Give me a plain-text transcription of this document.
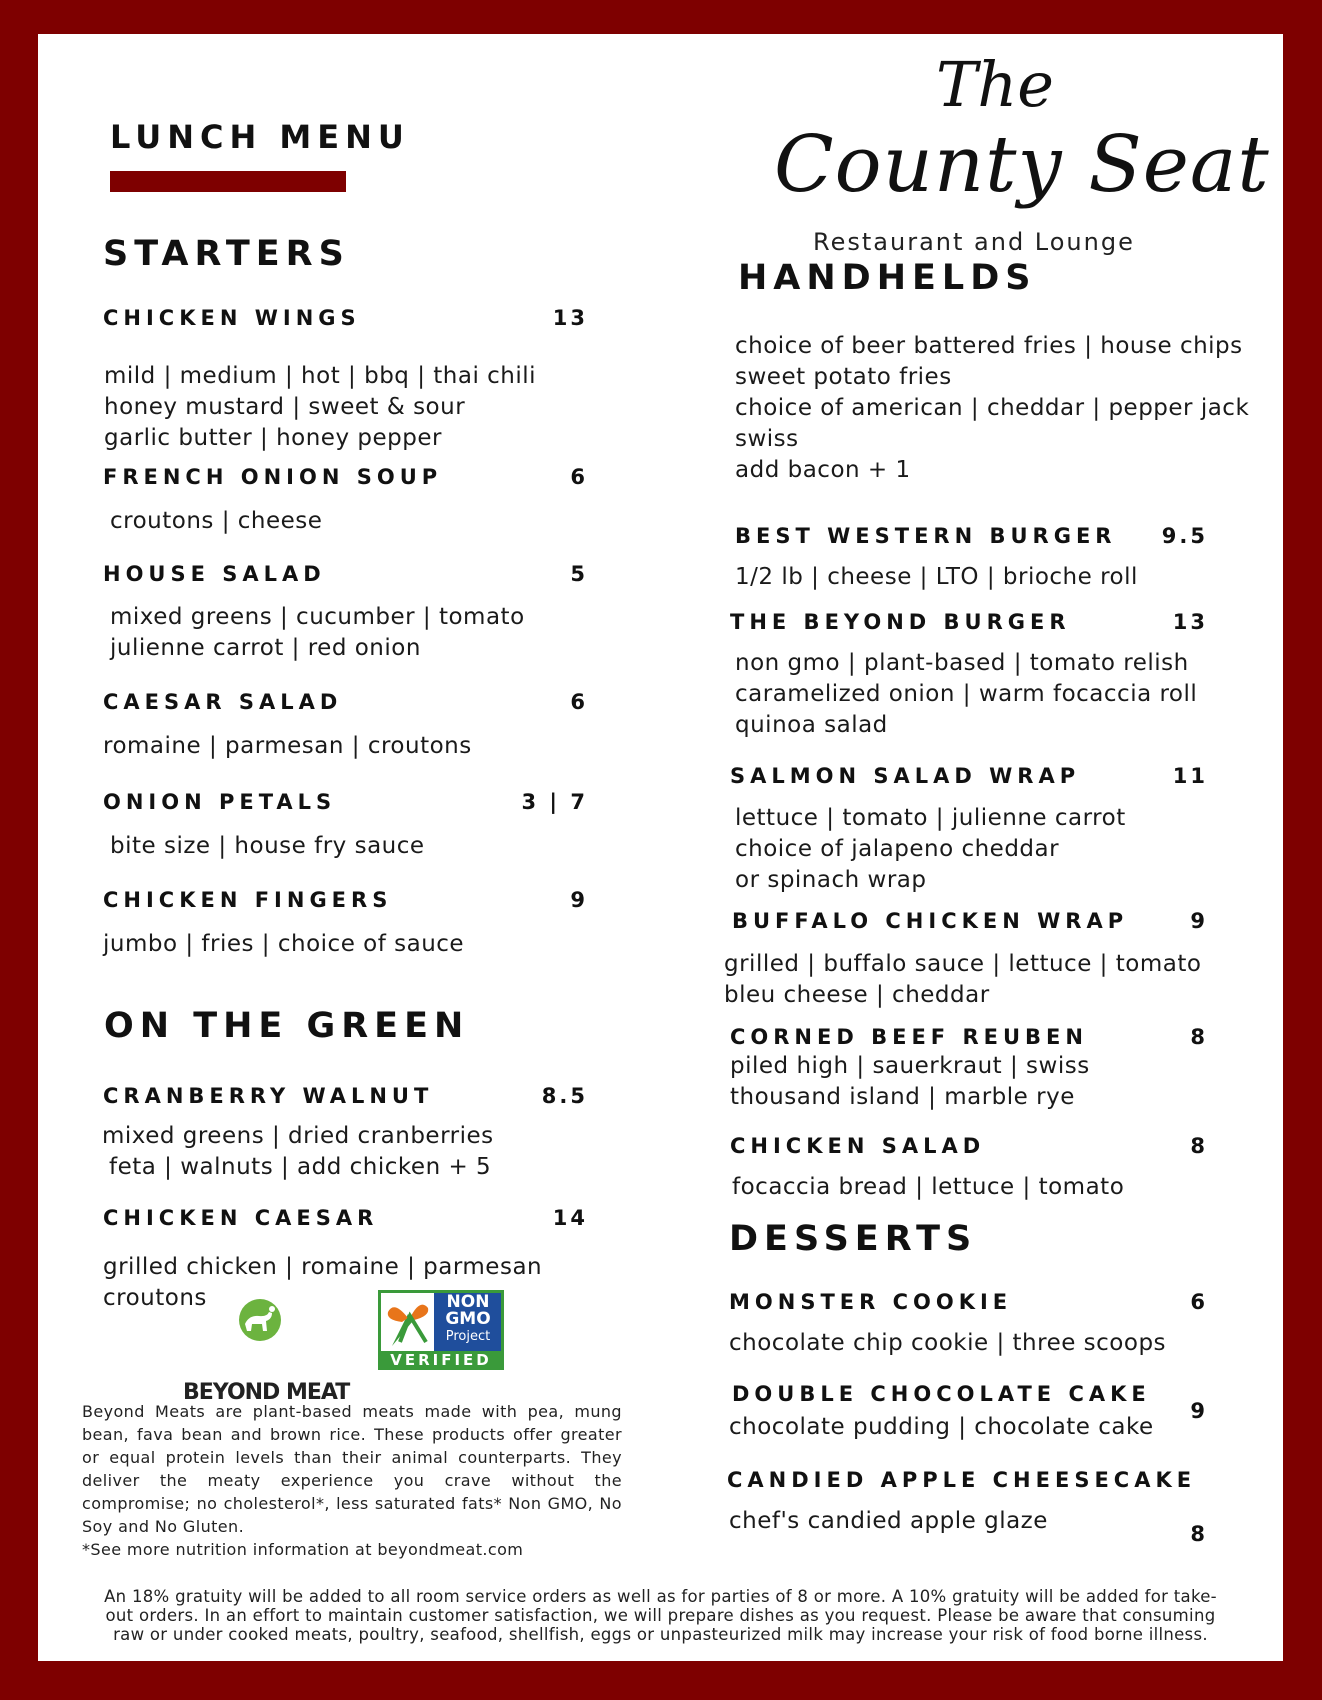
LUNCH MENU
The
County Seat
Restaurant and Lounge
STARTERS
CHICKEN WINGS	13
mild | medium | hot | bbq | thai chili
honey mustard | sweet & sour
garlic butter | honey pepper
FRENCH ONION SOUP	6
croutons | cheese
HOUSE SALAD	5
mixed greens | cucumber | tomato
julienne carrot | red onion
CAESAR SALAD	6
romaine | parmesan | croutons
ONION PETALS	3 | 7
bite size | house fry sauce
CHICKEN FINGERS	9
jumbo | fries | choice of sauce
ON THE GREEN
CRANBERRY WALNUT	8.5
mixed greens | dried cranberries
feta | walnuts | add chicken + 5
CHICKEN CAESAR	14
grilled chicken | romaine | parmesan
croutons
BEYOND MEAT
NON
GMO
Project
VERIFIED
Beyond Meats are plant-based meats made with pea, mung bean, fava bean and brown rice. These products offer greater or equal protein levels than their animal counterparts. They deliver the meaty experience you crave without the compromise; no cholesterol*, less saturated fats* Non GMO, No Soy and No Gluten.
*See more nutrition information at beyondmeat.com
HANDHELDS
choice of beer battered fries | house chips
sweet potato fries
choice of american | cheddar | pepper jack
swiss
add bacon + 1
BEST WESTERN BURGER	9.5
1/2 lb | cheese | LTO | brioche roll
THE BEYOND BURGER	13
non gmo | plant-based | tomato relish
caramelized onion | warm focaccia roll
quinoa salad
SALMON SALAD WRAP	11
lettuce | tomato | julienne carrot
choice of jalapeno cheddar
or spinach wrap
BUFFALO CHICKEN WRAP	9
grilled | buffalo sauce | lettuce | tomato
bleu cheese | cheddar
CORNED BEEF REUBEN	8
piled high | sauerkraut | swiss
thousand island | marble rye
CHICKEN SALAD	8
focaccia bread | lettuce | tomato
DESSERTS
MONSTER COOKIE	6
chocolate chip cookie | three scoops
DOUBLE CHOCOLATE CAKE
9
chocolate pudding | chocolate cake
CANDIED APPLE CHEESECAKE
8
chef's candied apple glaze
An 18% gratuity will be added to all room service orders as well as for parties of 8 or more. A 10% gratuity will be added for take-
out orders. In an effort to maintain customer satisfaction, we will prepare dishes as you request. Please be aware that consuming
raw or under cooked meats, poultry, seafood, shellfish, eggs or unpasteurized milk may increase your risk of food borne illness.
